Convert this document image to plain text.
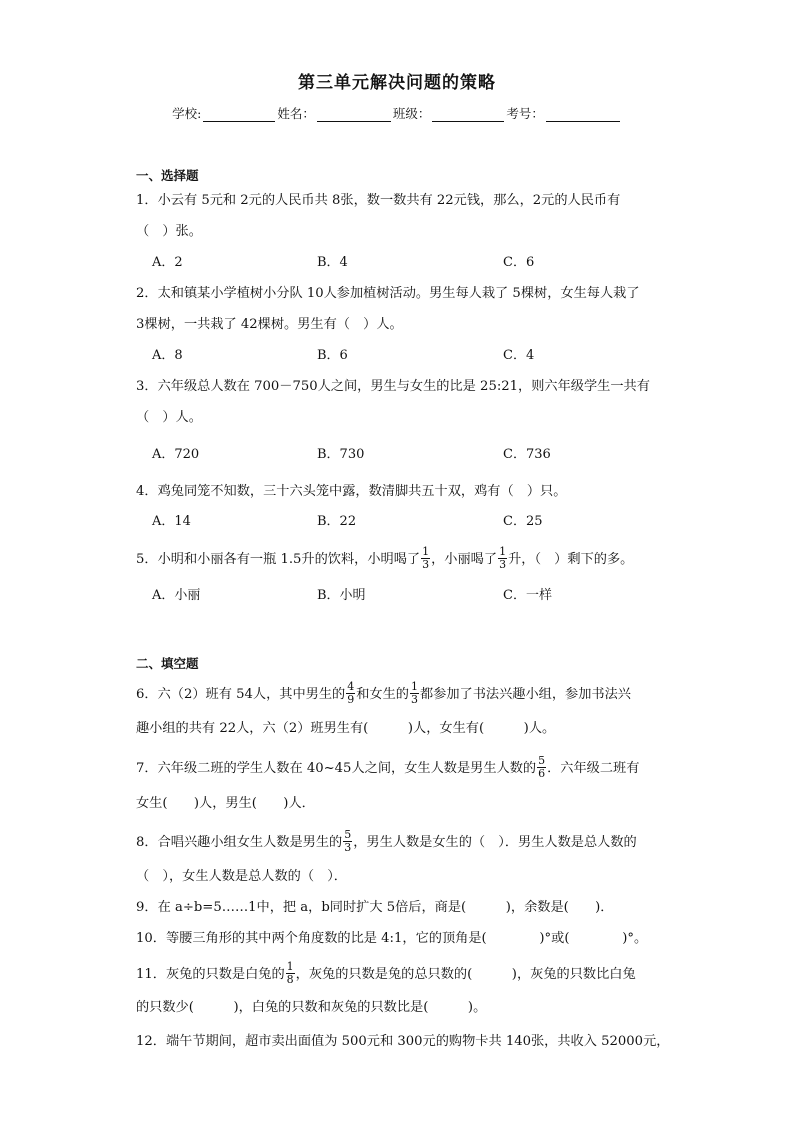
第三单元解决问题的策略
学校:	姓名：	班级：	考号：
一、选择题
1．小云有 5元和 2元的人民币共 8张，数一数共有 22元钱，那么，2元的人民币有
（　）张。
A．2	B．4	C．6
2．太和镇某小学植树小分队 10人参加植树活动。男生每人栽了 5棵树，女生每人栽了
3棵树，一共栽了 42棵树。男生有（　）人。
A．8	B．6	C．4
3．六年级总人数在 700－750人之间，男生与女生的比是 25:21，则六年级学生一共有
（　）人。
A．720	B．730	C．736
4．鸡兔同笼不知数，三十六头笼中露，数清脚共五十双，鸡有（　）只。
A．14	B．22	C．25
5．小明和小丽各有一瓶 1.5升的饮料，小明喝了 $\frac{1}{3}$ ，小丽喝了 $\frac{1}{3}$ 升，（　）剩下的多。
A．小丽	B．小明	C．一样
二、填空题
6．六（2）班有 54人，其中男生的 $\frac{4}{9}$ 和女生的 $\frac{1}{3}$ 都参加了书法兴趣小组，参加书法兴
趣小组的共有 22人，六（2）班男生有(　　　)人，女生有(　　　)人。
7．六年级二班的学生人数在 40~45人之间，女生人数是男生人数的 $\frac{5}{6}$ ．六年级二班有
女生(　　)人，男生(　　)人．
8．合唱兴趣小组女生人数是男生的 $\frac{5}{3}$ ，男生人数是女生的（　）．男生人数是总人数的
（　），女生人数是总人数的（　）．
9．在 a÷b=5……1中，把 a，b同时扩大 5倍后，商是(　　　)，余数是(　　)．
10．等腰三角形的其中两个角度数的比是 4:1，它的顶角是(　　　　)°或(　　　　)°。
11．灰兔的只数是白兔的 $\frac{1}{8}$ ，灰兔的只数是兔的总只数的(　　　)，灰兔的只数比白兔
的只数少(　　　)，白兔的只数和灰兔的只数比是(　　　)。
12．端午节期间，超市卖出面值为 500元和 300元的购物卡共 140张，共收入 52000元，
